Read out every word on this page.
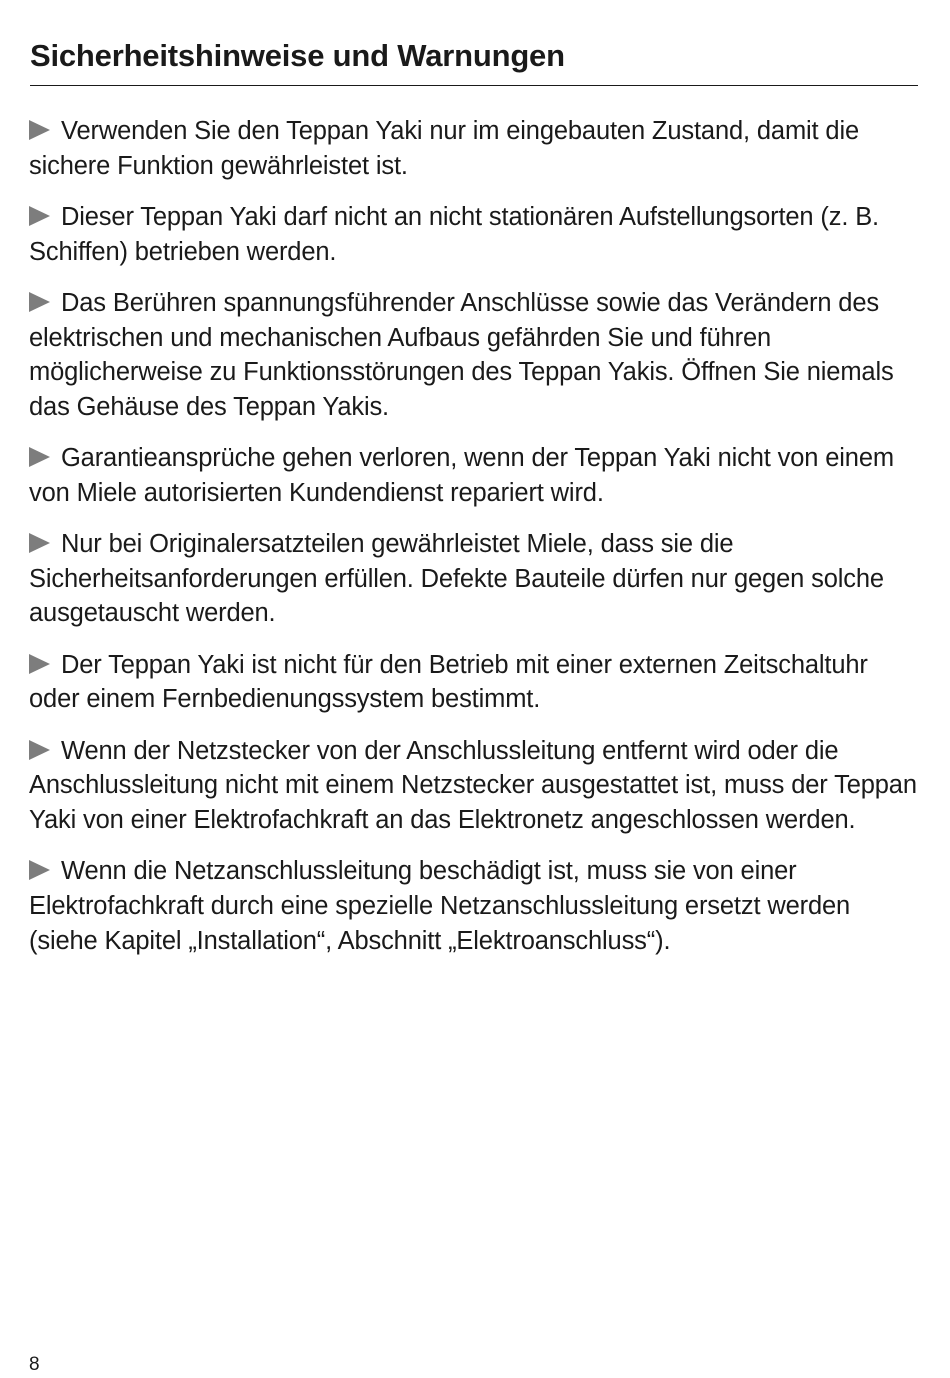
Sicherheitshinweise und Warnungen
Verwenden Sie den Teppan Yaki nur im eingebauten Zustand, damit die sichere Funktion gewährleistet ist.
Dieser Teppan Yaki darf nicht an nicht stationären Aufstellungsorten (z. B. Schiffen) betrieben werden.
Das Berühren spannungsführender Anschlüsse sowie das Verändern des elektrischen und mechanischen Aufbaus gefährden Sie und führen möglicherweise zu Funktionsstörungen des Teppan Yakis. Öffnen Sie niemals das Gehäuse des Teppan Yakis.
Garantieansprüche gehen verloren, wenn der Teppan Yaki nicht von einem von Miele autorisierten Kundendienst repariert wird.
Nur bei Originalersatzteilen gewährleistet Miele, dass sie die Sicherheitsanforderungen erfüllen. Defekte Bauteile dürfen nur gegen solche ausgetauscht werden.
Der Teppan Yaki ist nicht für den Betrieb mit einer externen Zeitschaltuhr oder einem Fernbedienungssystem bestimmt.
Wenn der Netzstecker von der Anschlussleitung entfernt wird oder die Anschlussleitung nicht mit einem Netzstecker ausgestattet ist, muss der Teppan Yaki von einer Elektrofachkraft an das Elektronetz angeschlossen werden.
Wenn die Netzanschlussleitung beschädigt ist, muss sie von einer Elektrofachkraft durch eine spezielle Netzanschlussleitung ersetzt werden (siehe Kapitel „Installation“, Abschnitt „Elektroanschluss“).
8
